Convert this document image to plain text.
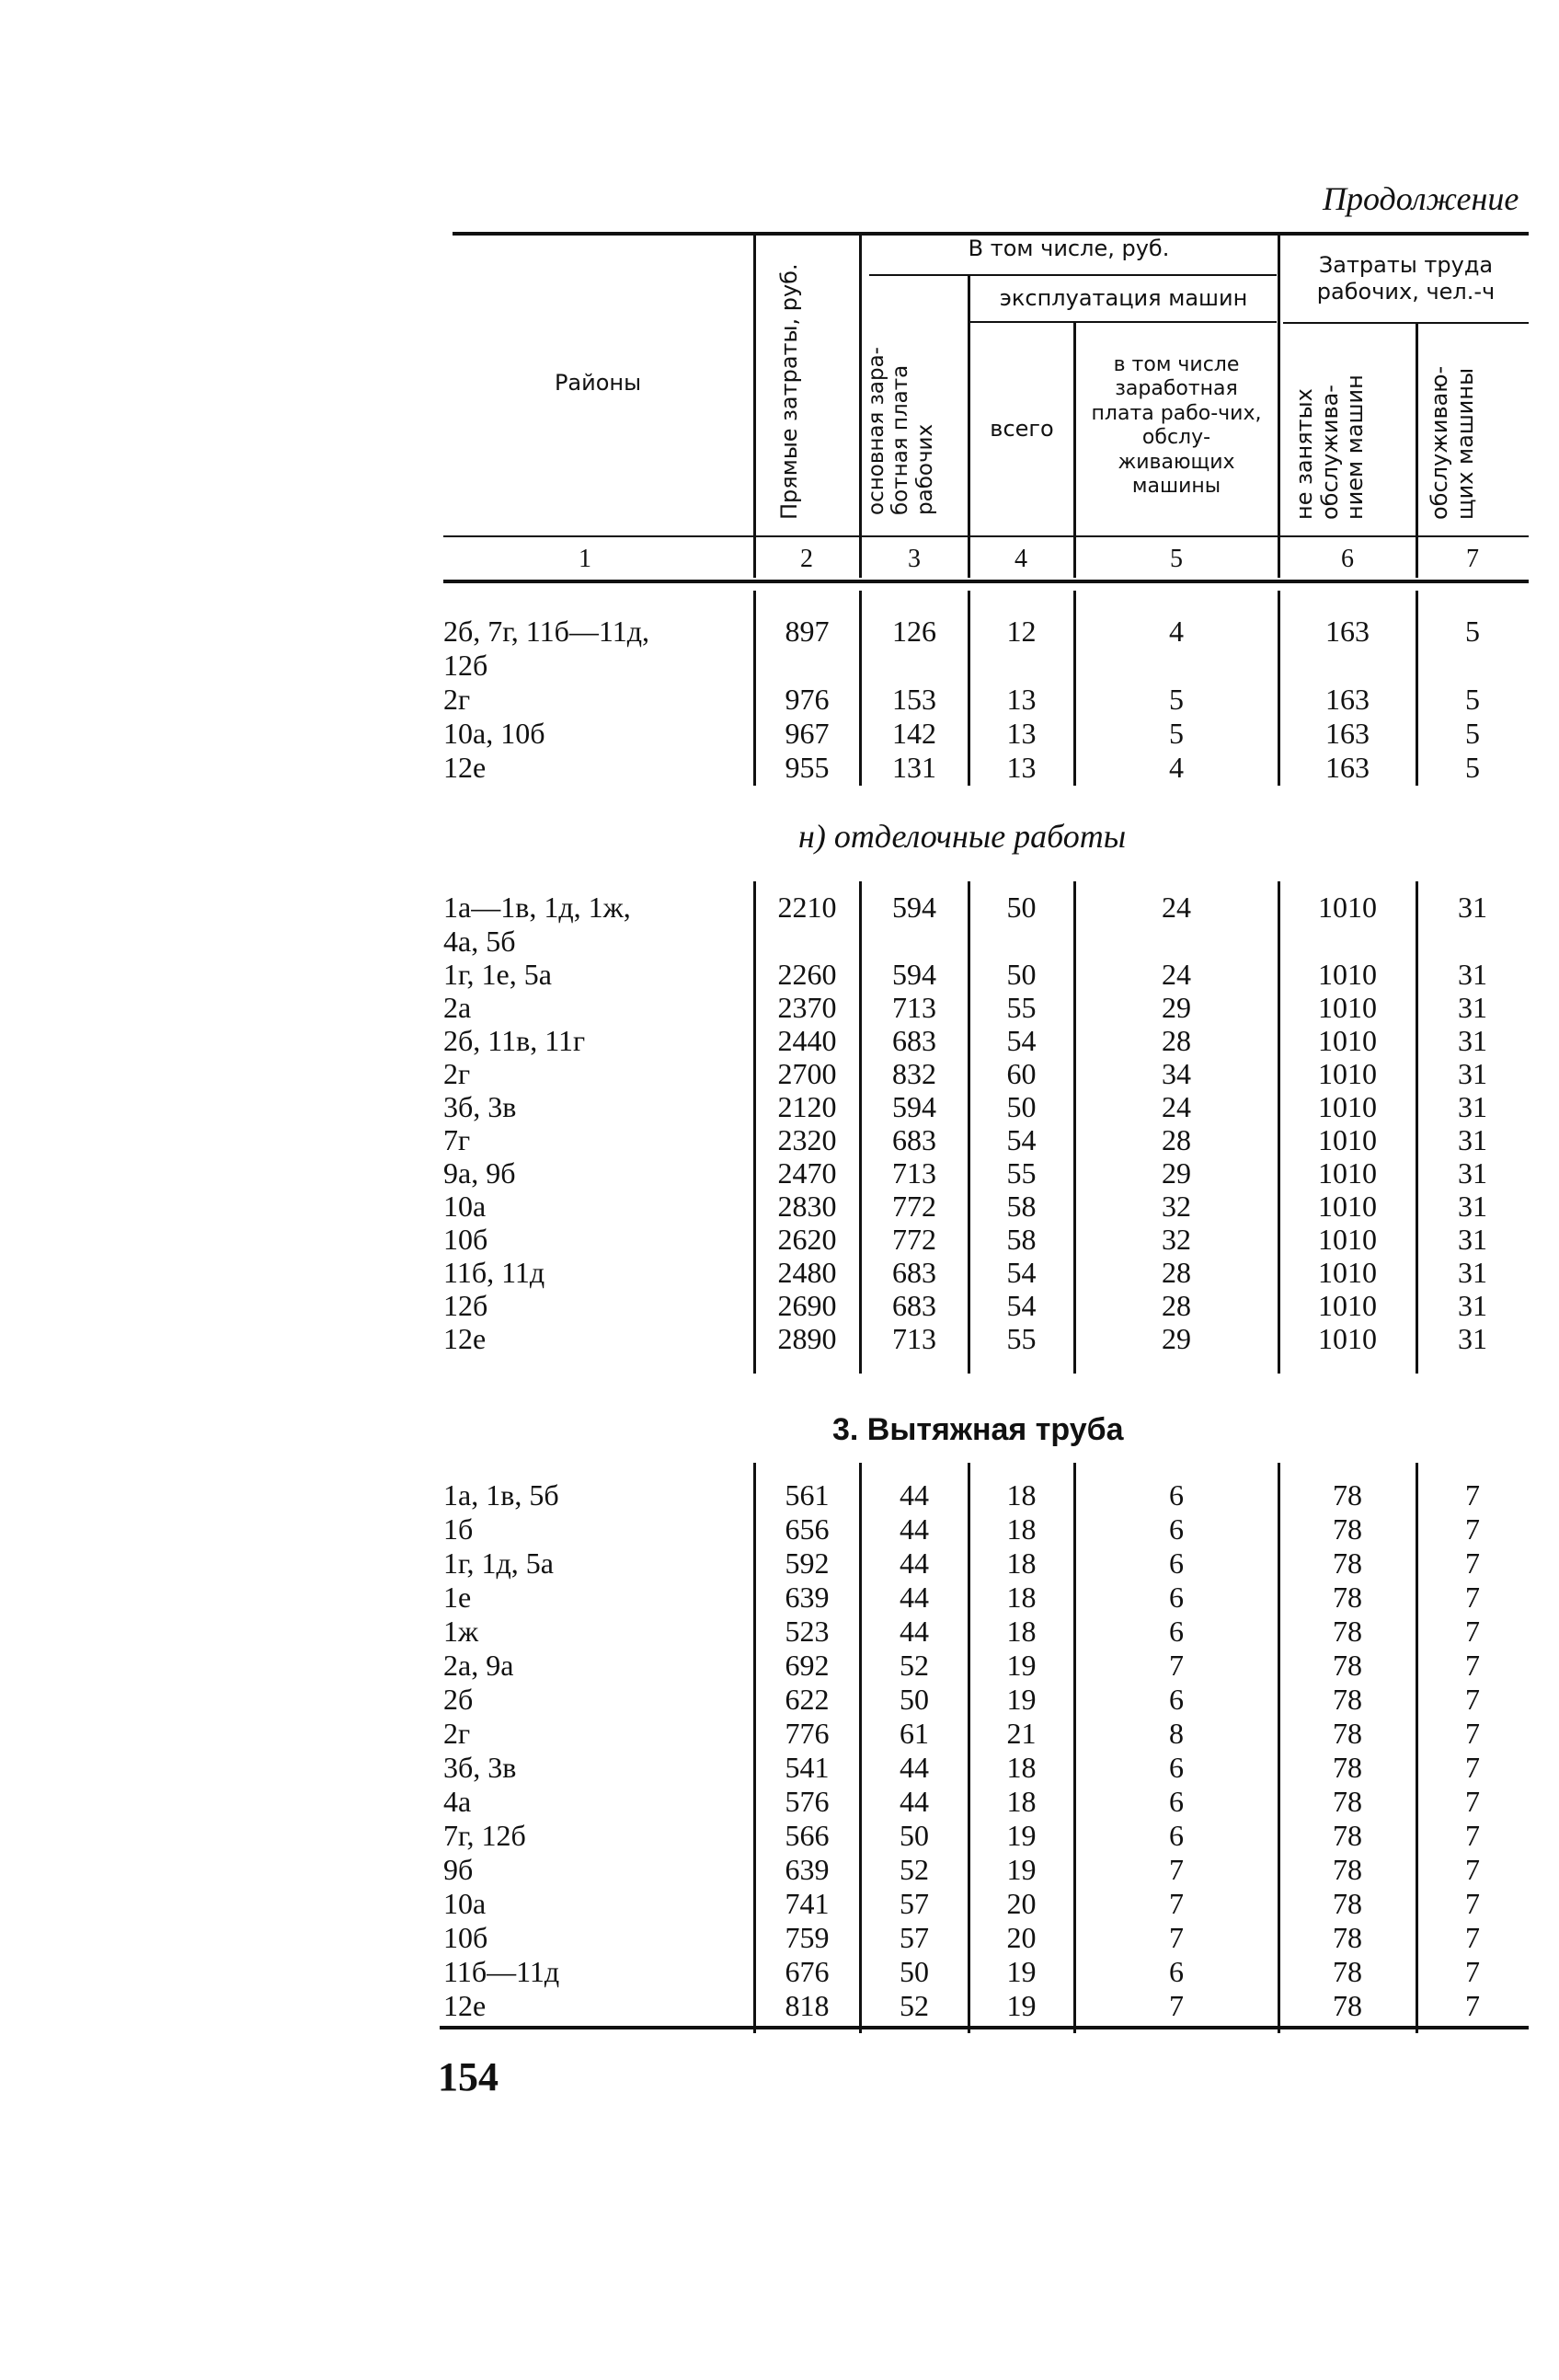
Продолжение
Районы	Прямые затраты, руб.
В том числе, руб.
основная зара-ботная плата рабочих
эксплуатация машин
всего
в том числе заработная плата рабо-чих, обслу-живающих машины
Затраты труда рабочих, чел.-ч
не занятых обслужива-нием машин	обслуживаю-щих машины
1	2	3	4	5	6	7
2б, 7г, 11б—11д,	897	126	12	4	163	5
12б
2г	976	153	13	5	163	5
10а, 10б	967	142	13	5	163	5
12е	955	131	13	4	163	5
н) отделочные работы
1а—1в, 1д, 1ж,	2210	594	50	24	1010	31
4а, 5б
1г, 1е, 5а	2260	594	50	24	1010	31
2а	2370	713	55	29	1010	31
2б, 11в, 11г	2440	683	54	28	1010	31
2г	2700	832	60	34	1010	31
3б, 3в	2120	594	50	24	1010	31
7г	2320	683	54	28	1010	31
9а, 9б	2470	713	55	29	1010	31
10а	2830	772	58	32	1010	31
10б	2620	772	58	32	1010	31
11б, 11д	2480	683	54	28	1010	31
12б	2690	683	54	28	1010	31
12е	2890	713	55	29	1010	31
3. Вытяжная труба
1а, 1в, 5б	561	44	18	6	78	7
1б	656	44	18	6	78	7
1г, 1д, 5а	592	44	18	6	78	7
1е	639	44	18	6	78	7
1ж	523	44	18	6	78	7
2а, 9а	692	52	19	7	78	7
2б	622	50	19	6	78	7
2г	776	61	21	8	78	7
3б, 3в	541	44	18	6	78	7
4а	576	44	18	6	78	7
7г, 12б	566	50	19	6	78	7
9б	639	52	19	7	78	7
10а	741	57	20	7	78	7
10б	759	57	20	7	78	7
11б—11д	676	50	19	6	78	7
12е	818	52	19	7	78	7
154
